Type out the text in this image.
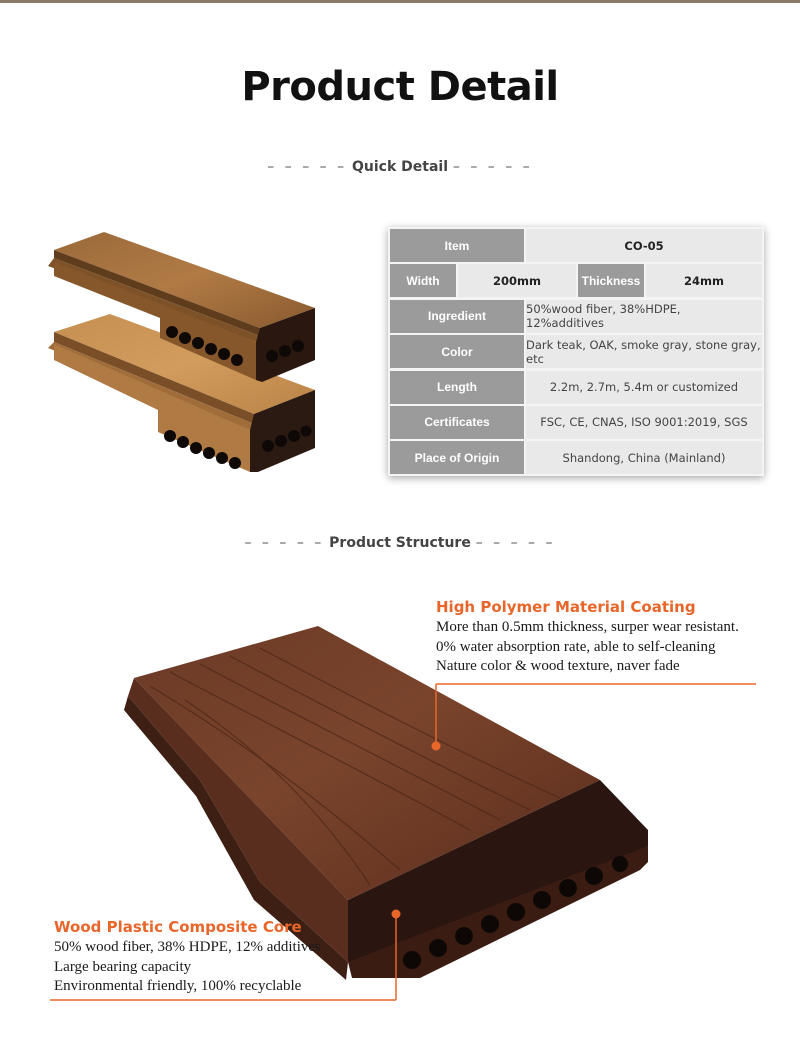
Product Detail
– – – – – Quick Detail – – – – –
Item	CO-05
Width	200mm	Thickness	24mm
Ingredient	50%wood fiber, 38%HDPE, 12%additives
Color	Dark teak, OAK, smoke gray, stone gray, etc
Length	2.2m, 2.7m, 5.4m or customized
Certificates	FSC, CE, CNAS, ISO 9001:2019, SGS
Place of Origin	Shandong, China (Mainland)
– – – – – Product Structure – – – – –
High Polymer Material Coating
More than 0.5mm thickness, surper wear resistant.
0% water absorption rate, able to self-cleaning
Nature color & wood texture, naver fade
Wood Plastic Composite Core
50% wood fiber, 38% HDPE, 12% additives
Large bearing capacity
Environmental friendly, 100% recyclable
